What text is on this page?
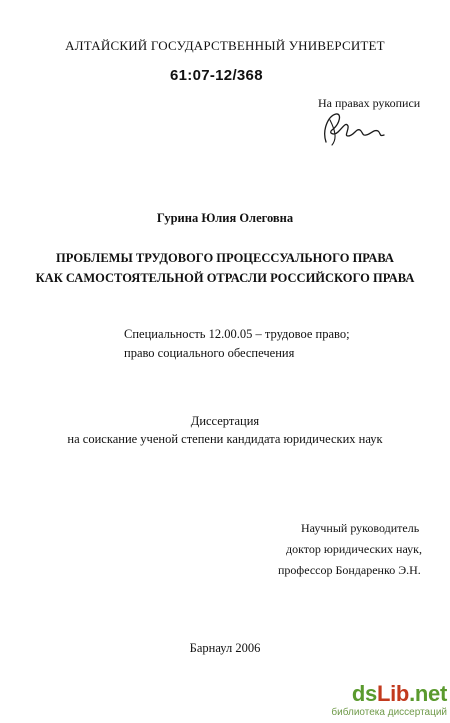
АЛТАЙСКИЙ ГОСУДАРСТВЕННЫЙ УНИВЕРСИТЕТ
61:07-12/368
На правах рукописи
Гурина Юлия Олеговна
ПРОБЛЕМЫ ТРУДОВОГО ПРОЦЕССУАЛЬНОГО ПРАВА
КАК САМОСТОЯТЕЛЬНОЙ ОТРАСЛИ РОССИЙСКОГО ПРАВА
Специальность 12.00.05 – трудовое право;
право социального обеспечения
Диссертация
на соискание ученой степени кандидата юридических наук
Научный руководитель
доктор юридических наук,
профессор Бондаренко Э.Н.
Барнаул 2006
dsLib.net
библиотека диссертаций
